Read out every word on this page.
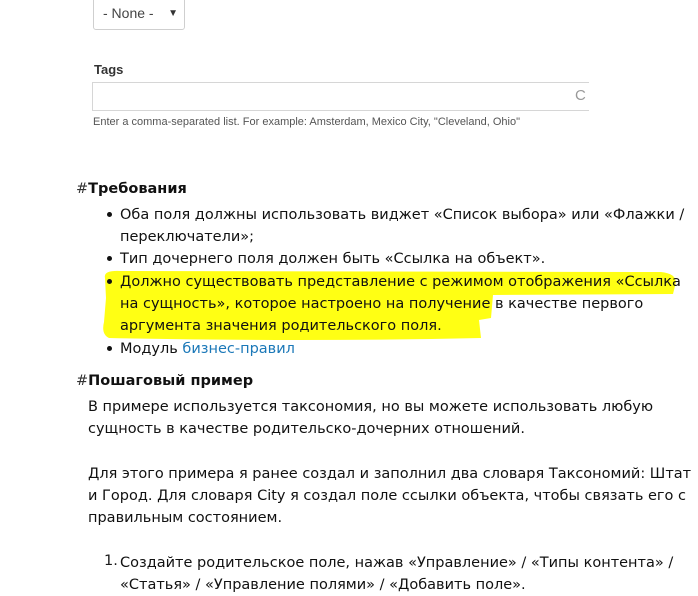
- None - ▼
Tags
C
Enter a comma-separated list. For example: Amsterdam, Mexico City, "Cleveland, Ohio"
#Требования
Оба поля должны использовать виджет «Список выбора» или «Флажки /
переключатели»;
Тип дочернего поля должен быть «Ссылка на объект».
Должно существовать представление с режимом отображения «Ссылка
на сущность», которое настроено на получение в качестве первого
аргумента значения родительского поля.
Модуль бизнес-правил
#Пошаговый пример
В примере используется таксономия, но вы можете использовать любую
сущность в качестве родительско-дочерних отношений.
Для этого примера я ранее создал и заполнил два словаря Таксономий: Штат
и Город. Для словаря City я создал поле ссылки объекта, чтобы связать его с
правильным состоянием.
1. Создайте родительское поле, нажав «Управление» / «Типы контента» /
«Статья» / «Управление полями» / «Добавить поле».
